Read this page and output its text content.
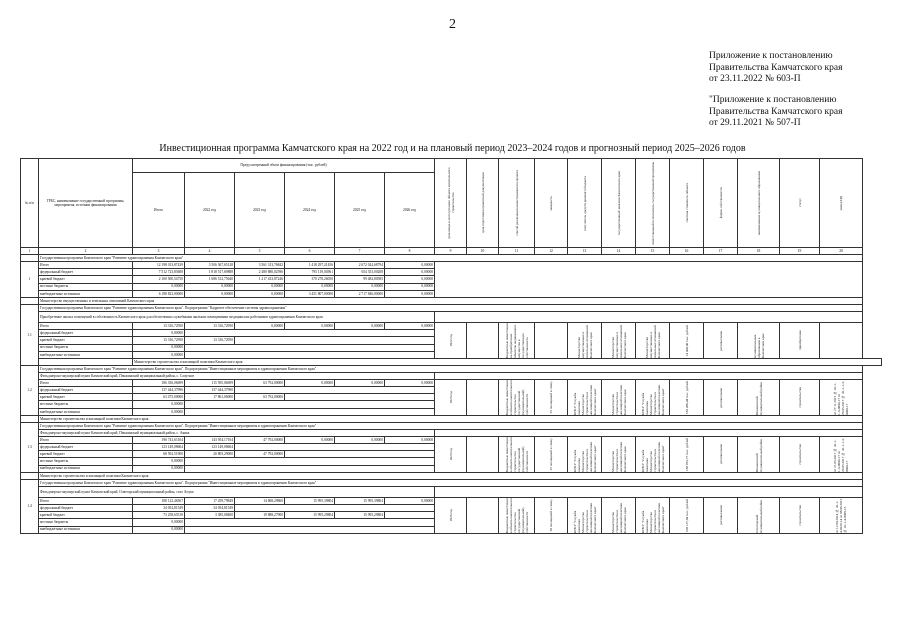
2
Приложение к постановлению
Правительства Камчатского края
от 23.11.2022 № 603-П
"Приложение к постановлению
Правительства Камчатского края
от 29.11.2021 № 507-П
Инвестиционная программа Камчатского края на 2022 год и на плановый период 2023–2024 годов и прогнозный период 2025–2026 годов
№ п/п	ГРБС, наименование государственной программы, мероприятия, источник финансирования	Предусмотренный объем финансирования (тыс. рублей)						срок ввода в эксплуатацию объекта капитального строительства	срок подготовки проектной документации	способ реализации инвестиционного проекта	мощность	получатель средств краевого бюджета	государственный заказчик Камчатского края	ответственный исполнитель государственной программы	сметная стоимость объекта	форма собственности	наименование муниципального образования	статус	номер ПД

		Итого	2022 год	2023 год	2024 год	2025 год	2026 год												
1	2	3	4	5	6	7	8	9	10	11	12	13	14	15	16	17	18	19	20
	Государственная программа Камчатского края "Развитие здравоохранения Камчатского края"																		
1	Итого	12 198 013,87439	3 506 367,65128	3 561 313,76842	1 418 297,21456	2 672 024,68794	0,00000												
	федеральный бюджет	7 512 723,83608	1 818 517,69888	2 480 880,02596	795 119,04961	654 353,00208	0,00000												
	краевой бюджет	2 100 500,54750	1 686 512,75640	1 217 433,87246	370 278,26050	99 482,80585	0,00000												
	местные бюджеты	0,00000	0,00000	0,00000	0,00000	0,00000	0,00000												
	внебюджетные источники	6 188 823,00000	0,00000	0,00000	3 451 807,00000	2 717 846,00000	0,00000												
	Министерство имущественных и земельных отношений Камчатского края																		
1.1	Государственная программа Камчатского края "Развитие здравоохранения Камчатского края". Подпрограмма "Кадровое обеспечение системы здравоохранения"																		
	Приобретение жилых помещений в собственность Камчатского края для обеспечения служебными жилыми помещениями медицинских работников здравоохранения Камчатского края																		
	Итого	13 316,72950	13 316,72950	0,00000	0,00000	0,00000	0,00000	2022 год		Бюджетные инвестиции на приобретение объектов недвижимого имущества в государственную собственность		Министерство имущественных и земельных отношений Камчатского края	Министерство имущественных и земельных отношений Камчатского края	Министерство имущественных и земельных отношений Камчатского края	14 000,00 тыс. рублей	региональная	муниципальные образования в Камчатском крае	приобретение	

	федеральный бюджет	0,00000																	
	краевой бюджет	13 316,72950	13 316,72950																
	местные бюджеты	0,00000																	
	внебюджетные источники	0,00000																	
		Министерство строительства и жилищной политики Камчатского края																	
1.2	Государственная программа Камчатского края "Развитие здравоохранения Камчатского края". Подпрограмма "Инвестиционные мероприятия в здравоохранении Камчатского края"																		
	Фельдшерско-акушерский пункт Камчатский край, Пенжинский муниципальный район, с. Слаутное																		
	Итого	186 356,06699	115 595,06699	63 792,00000	0,00000	0,00000	0,00000	2023 год		Бюджетные инвестиции в объекты капитального строительства государственной (муниципальной) собственности	25 посещений в смену	КГКУ "Служба заказчика Министерства строительства и жилищной политики Камчатского края"	Министерство строительства и жилищной политики Камчатского края	КГКУ "Служба заказчика Министерства строительства и жилищной политики Камчатского края"	183 469,44 тыс. рублей	региональная	Пенжинский муниципальный район	строительство	от 27.11.2015 № 41-1-1-3-0000-17 от 29.05.2017 № 41-1-1-3-0000-17

	федеральный бюджет	137 444,37996	137 444,37990																
	краевой бюджет	63 475,00000	17 861,06000	63 792,00000															
	местные бюджеты	0,00000																	
	внебюджетные источники	0,00000																	
	Министерство строительства и жилищной политики Камчатского края																		
1.3	Государственная программа Камчатского края "Развитие здравоохранения Камчатского края". Подпрограмма "Инвестиционные мероприятия в здравоохранении Камчатского края"																		
	Фельдшерско-акушерский пункт Камчатский край, Пенжинский муниципальный район, с. Аянка																		
	Итого	190 741,61104	143 954,17104	47 792,00000	0,00000	0,00000	0,00000	2023 год		Бюджетные инвестиции в объекты капитального строительства государственной (муниципальной) собственности	25 посещений в смену	КГКУ "Служба заказчика Министерства строительства и жилищной политики Камчатского края"	Министерство строительства и жилищной политики Камчатского края	КГКУ "Служба заказчика Министерства строительства и жилищной политики Камчатского края"	188 655,77 тыс. рублей	региональная	Пенжинский муниципальный район	строительство	от 21.05.2017 № 41-1-1-3-0000-17 от 29.05.2017 № 41-1-1-3-0000-17

	федеральный бюджет	123 149,08604	123 149,08604																
	краевой бюджет	68 592,51900	20 805,29000	47 792,00000															
	местные бюджеты	0,00000																	
	внебюджетные источники	0,00000																	
	Министерство строительства и жилищной политики Камчатского края																		
1.4	Государственная программа Камчатского края "Развитие здравоохранения Камчатского края". Подпрограмма "Инвестиционные мероприятия в здравоохранении Камчатского края"																		
	Фельдшерско-акушерский пункт Камчатский край, Олюторский муниципальный район, село Апука																		
	Итого	108 122,46567	17 459,79849	14 868,29860	15 995,39804	15 995,39804	0,00000	2026 год		Бюджетные инвестиции в объекты капитального строительства государственной (муниципальной) собственности	20 посещений в смену	КГКУ "Служба заказчика Министерства строительства и жилищной политики Камчатского края"	Министерство строительства и жилищной политики Камчатского края	КГКУ "Служба заказчика Министерства строительства и жилищной политики Камчатского края"	108 127,64 тыс. рублей	региональная	Олюторский муниципальный район	строительство	от 12.08.2014 № 41-1-4-0229-14 от 08.06.2015 № 41-1-4-0098-15

	федеральный бюджет	34 054,81549	34 054,81549																
	краевой бюджет	73 258,65518	3 385,08400	19 888,27900	15 995,29804	15 995,29804													
	местные бюджеты	0,00000																	
	внебюджетные источники	0,00000																	
